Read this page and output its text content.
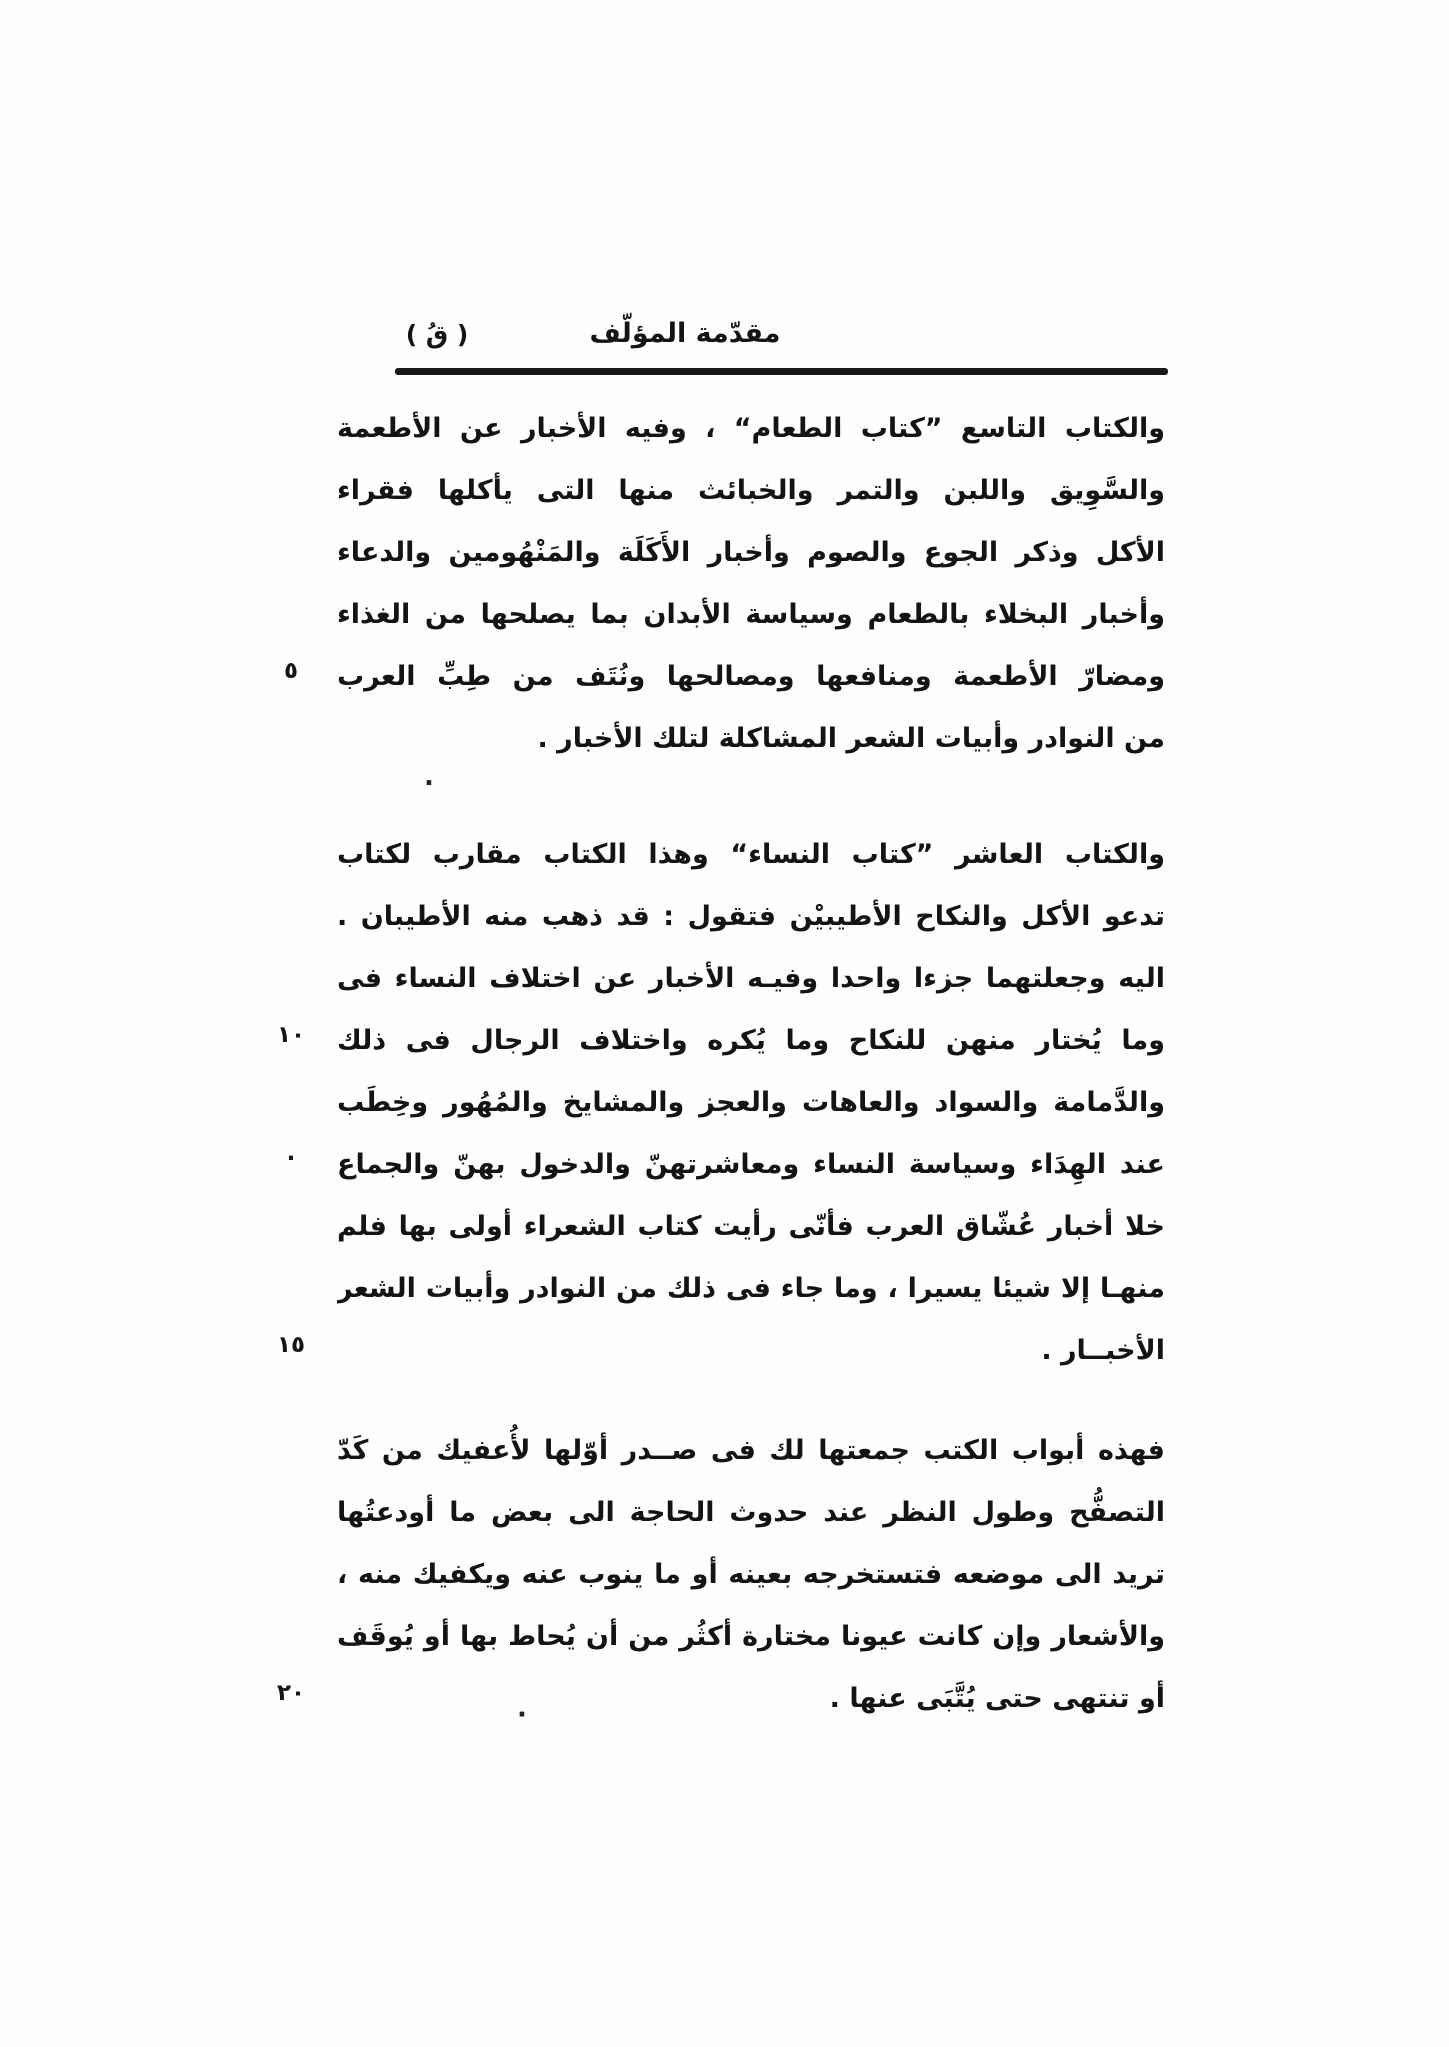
مقدّمة المؤلّف
( قُ )
والكتاب التاسع ”كتاب الطعام“ ، وفيه الأخبار عن الأطعمة
والسَّوِيق واللبن والتمر والخبائث منها التى يأكلها فقراء
الأكل وذكر الجوع والصوم وأخبار الأَكَلَة والمَنْهُومين والدعاء
وأخبار البخلاء بالطعام وسياسة الأبدان بما يصلحها من الغذاء
ومضارّ الأطعمة ومنافعها ومصالحها ونُتَف من طِبِّ العرب
من النوادر وأبيات الشعر المشاكلة لتلك الأخبار .
والكتاب العاشر ”كتاب النساء“ وهذا الكتاب مقارب لكتاب
تدعو الأكل والنكاح الأطيبيْن فتقول : قد ذهب منه الأطيبان .
اليه وجعلتهما جزءا واحدا وفيـه الأخبار عن اختلاف النساء فى
وما يُختار منهن للنكاح وما يُكره واختلاف الرجال فى ذلك
والدَّمامة والسواد والعاهات والعجز والمشايخ والمُهُور وخِطَب
عند الهِدَاء وسياسة النساء ومعاشرتهنّ والدخول بهنّ والجماع
خلا أخبار عُشّاق العرب فأنّى رأيت كتاب الشعراء أولى بها فلم
منهـا إلا شيئا يسيرا ، وما جاء فى ذلك من النوادر وأبيات الشعر
الأخبــار .
فهذه أبواب الكتب جمعتها لك فى صــدر أوّلها لأُعفيك من كَدّ
التصفُّح وطول النظر عند حدوث الحاجة الى بعض ما أودعتُها
تريد الى موضعه فتستخرجه بعينه أو ما ينوب عنه ويكفيك منه ،
والأشعار وإن كانت عيونا مختارة أكثُر من أن يُحاط بها أو يُوقَف
أو تنتهى حتى يُتَّبَى عنها .
.
·
٥
١٠
·
١٥
٢٠
